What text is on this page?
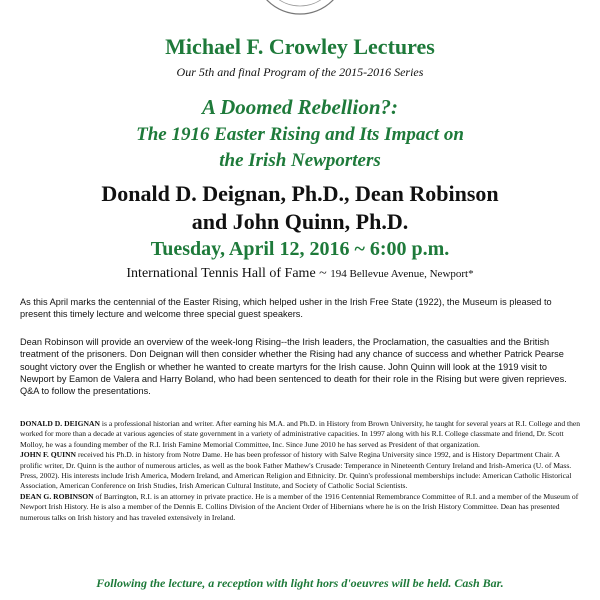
Michael F. Crowley Lectures
Our 5th and final Program of the 2015-2016 Series
A Doomed Rebellion?:
The 1916 Easter Rising and Its Impact on
the Irish Newporters
Donald D. Deignan, Ph.D., Dean Robinson
and John Quinn, Ph.D.
Tuesday, April 12, 2016 ~ 6:00 p.m.
International Tennis Hall of Fame ~ 194 Bellevue Avenue, Newport*

As this April marks the centennial of the Easter Rising, which helped usher in the Irish Free State (1922), the Museum is pleased to present this timely lecture and welcome three special guest speakers.

Dean Robinson will provide an overview of the week-long Rising--the Irish leaders, the Proclamation, the casualties and the British treatment of the prisoners. Don Deignan will then consider whether the Rising had any chance of success and whether Patrick Pearse sought victory over the English or whether he wanted to create martyrs for the Irish cause. John Quinn will look at the 1919 visit to Newport by Eamon de Valera and Harry Boland, who had been sentenced to death for their role in the Rising but were given reprieves. Q&A to follow the presentations.

DONALD D. DEIGNAN is a professional historian and writer. After earning his M.A. and Ph.D. in History from Brown University, he taught for several years at R.I. College and then worked for more than a decade at various agencies of state government in a variety of administrative capacities. In 1997 along with his R.I. College classmate and friend, Dr. Scott Molloy, he was a founding member of the R.I. Irish Famine Memorial Committee, Inc. Since June 2010 he has served as President of that organization.

JOHN F. QUINN received his Ph.D. in history from Notre Dame. He has been professor of history with Salve Regina University since 1992, and is History Department Chair. A prolific writer, Dr. Quinn is the author of numerous articles, as well as the book Father Mathew's Crusade: Temperance in Nineteenth Century Ireland and Irish-America (U. of Mass. Press, 2002). His interests include Irish America, Modern Ireland, and American Religion and Ethnicity. Dr. Quinn's professional memberships include: American Catholic Historical Association, American Conference on Irish Studies, Irish American Cultural Institute, and Society of Catholic Social Scientists.

DEAN G. ROBINSON of Barrington, R.I. is an attorney in private practice. He is a member of the 1916 Centennial Remembrance Committee of R.I. and a member of the Museum of Newport Irish History. He is also a member of the Dennis E. Collins Division of the Ancient Order of Hibernians where he is on the Irish History Committee. Dean has presented numerous talks on Irish history and has traveled extensively in Ireland.

Following the lecture, a reception with light hors d'oeuvres will be held. Cash Bar.
